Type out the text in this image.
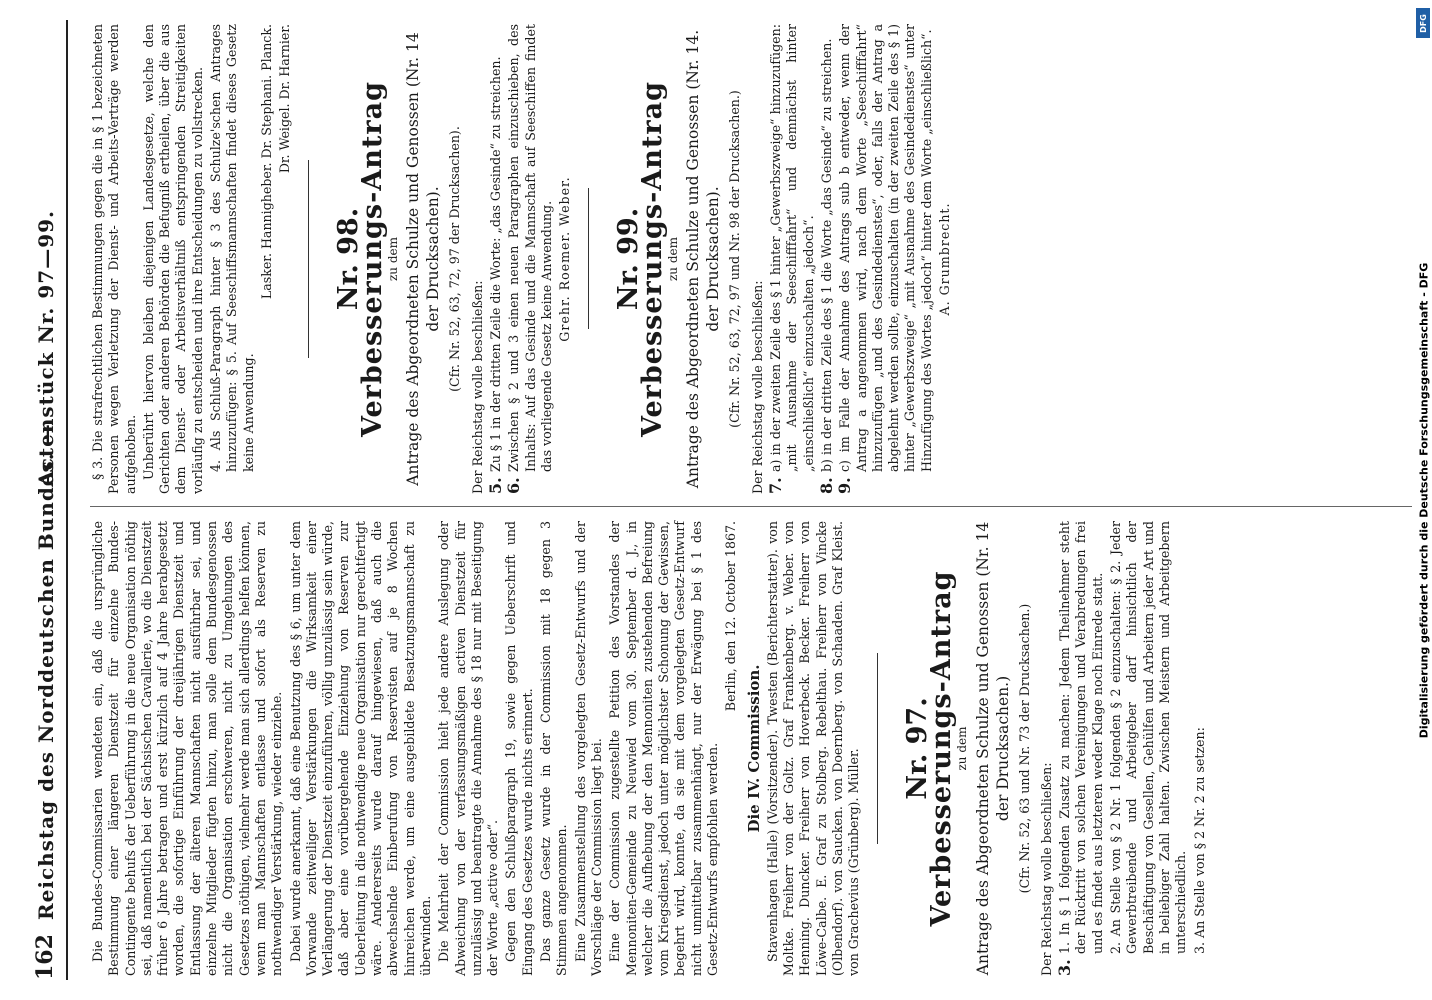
162
Reichstag des Norddeutschen Bundes. —
Actenstück Nr. 97—99.

Die Bundes-Commissarien wendeten ein, daß die ursprüngliche Bestimmung einer längeren Dienstzeit für einzelne Bundes-Contingente behufs der Ueberführung in die neue Organisation nöthig sei, daß namentlich bei der Sächsischen Cavallerie, wo die Dienstzeit früher 6 Jahre betragen und erst kürzlich auf 4 Jahre herabgesetzt worden, die sofortige Einführung der dreijährigen Dienstzeit und Entlassung der älteren Mannschaften nicht ausführbar sei, und einzelne Mitglieder fügten hinzu, man solle dem Bundesgenossen nicht die Organisation erschweren, nicht zu Umgehungen des Gesetzes nöthigen, vielmehr werde man sich allerdings helfen können, wenn man Mannschaften entlasse und sofort als Reserven zu nothwendiger Verstärkung, wieder einziehe. Dabei wurde anerkannt, daß eine Benutzung des § 6, um unter dem Vorwande zeitweiliger Verstärkungen die Wirksamkeit einer Verlängerung der Dienstzeit einzuführen, völlig unzulässig sein würde, daß aber eine vorübergehende Einziehung von Reserven zur Ueberleitung in die nothwendige neue Organisation nur gerechtfertigt wäre. Andererseits wurde darauf hingewiesen, daß auch die abwechselnde Einberufung von Reservisten auf je 8 Wochen hinreichen werde, um eine ausgebildete Besatzungsmannschaft zu überwinden. Die Mehrheit der Commission hielt jede andere Auslegung oder Abweichung von der verfassungsmäßigen activen Dienstzeit für unzulässig und beantragte die Annahme des § 18 nur mit Beseitigung der Worte „active oder“. Gegen den Schlußparagraph 19, sowie gegen Ueberschrift und Eingang des Gesetzes wurde nichts erinnert. Das ganze Gesetz wurde in der Commission mit 18 gegen 3 Stimmen angenommen. Eine Zusammenstellung des vorgelegten Gesetz-Entwurfs und der Vorschläge der Commission liegt bei. Eine der Commission zugestellte Petition des Vorstandes der Mennoniten-Gemeinde zu Neuwied vom 30. September d. J., in welcher die Aufhebung der den Mennoniten zustehenden Befreiung vom Kriegsdienst, jedoch unter möglichster Schonung der Gewissen, begehrt wird, konnte, da sie mit dem vorgelegten Gesetz-Entwurf nicht unmittelbar zusammenhängt, nur der Erwägung bei § 1 des Gesetz-Entwurfs empfohlen werden.

Berlin, den 12. October 1867.
Die IV. Commission. Stavenhagen (Halle) (Vorsitzender). Twesten (Berichterstatter). von Moltke. Freiherr von der Goltz. Graf Frankenberg. v. Weber. von Henning. Duncker. Freiherr von Hoverbeck. Becker. Freiherr von Löwe-Calbe. E. Graf zu Stolberg. Rebelthau. Freiherr von Vincke (Olbendorf). von Saucken. von Doernberg. von Schaaden. Graf Kleist. von Grachevius (Grünberg). Müller. Nr. 97.
Verbesserungs-Antrag
zu dem Antrage des Abgeordneten Schulze und Genossen (Nr. 14 der Drucksachen.) (Cfr. Nr. 52, 63 und Nr. 73 der Drucksachen.) Der Reichstag wolle beschließen: 3.
1. In § 1 folgenden Zusatz zu machen: Jedem Theilnehmer steht der Rücktritt von solchen Vereinigungen und Verabredungen frei und es findet aus letzteren weder Klage noch Einrede statt. 2. An Stelle von § 2 Nr. 1 folgenden § 2 einzuschalten: § 2. Jeder Gewerbtreibende und Arbeitgeber darf hinsichtlich der Beschäftigung von Gesellen, Gehülfen und Arbeitern jeder Art und in beliebiger Zahl halten. Zwischen Meistern und Arbeitgebern unterschiedlich. 3. An Stelle von § 2 Nr. 2 zu setzen:

§ 3. Die strafrechtlichen Bestimmungen gegen die in § 1 bezeichneten Personen wegen Verletzung der Dienst- und Arbeits-Verträge werden aufgehoben. Unberührt hiervon bleiben diejenigen Landesgesetze, welche den Gerichten oder anderen Behörden die Befugniß ertheilen, über die aus dem Dienst- oder Arbeitsverhältniß entspringenden Streitigkeiten vorläufig zu entscheiden und ihre Entscheidungen zu vollstrecken. 4. Als Schluß-Paragraph hinter § 3 des Schulze'schen Antrages hinzuzufügen: § 5. Auf Seeschiffsmannschaften findet dieses Gesetz keine Anwendung.

Lasker. Hannigheber. Dr. Stephani. Planck. Dr. Weigel. Dr. Harnier.
Nr. 98.
Verbesserungs-Antrag
zu dem Antrage des Abgeordneten Schulze und Genossen (Nr. 14 der Drucksachen). (Cfr. Nr. 52, 63, 72, 97 der Drucksachen). Der Reichstag wolle beschließen: 5.
Zu § 1 in der dritten Zeile die Worte: „das Gesinde“ zu streichen.

6.
Zwischen § 2 und 3 einen neuen Paragraphen einzuschieben, des Inhalts: Auf das Gesinde und die Mannschaft auf Seeschiffen findet das vorliegende Gesetz keine Anwendung. Grehr. Roemer. Weber. Nr. 99.
Verbesserungs-Antrag
zu dem Antrage des Abgeordneten Schulze und Genossen (Nr. 14. der Drucksachen). (Cfr. Nr. 52, 63, 72, 97 und Nr. 98 der Drucksachen.) Der Reichstag wolle beschließen: 7.
a) in der zweiten Zeile des § 1 hinter „Gewerbszweige“ hinzuzufügen: „mit Ausnahme der Seeschifffahrt“ und demnächst hinter „einschließlich“ einzuschalten „jedoch“.

8.
b) in der dritten Zeile des § 1 die Worte „das Gesinde“ zu streichen.

9.
c) im Falle der Annahme des Antrags sub b entweder, wenn der Antrag a angenommen wird, nach dem Worte „Seeschifffahrt“ hinzuzufügen „und des Gesindedienstes“, oder, falls der Antrag a abgelehnt werden sollte, einzuschalten (in der zweiten Zeile des § 1) hinter „Gewerbszweige“ „mit Ausnahme des Gesindedienstes“ unter Hinzufügung des Wortes „jedoch“ hinter dem Worte „einschließlich“. A. Grumbrecht.
DFG
Digitalisierung gefördert durch die Deutsche Forschungsgemeinschaft - DFG
